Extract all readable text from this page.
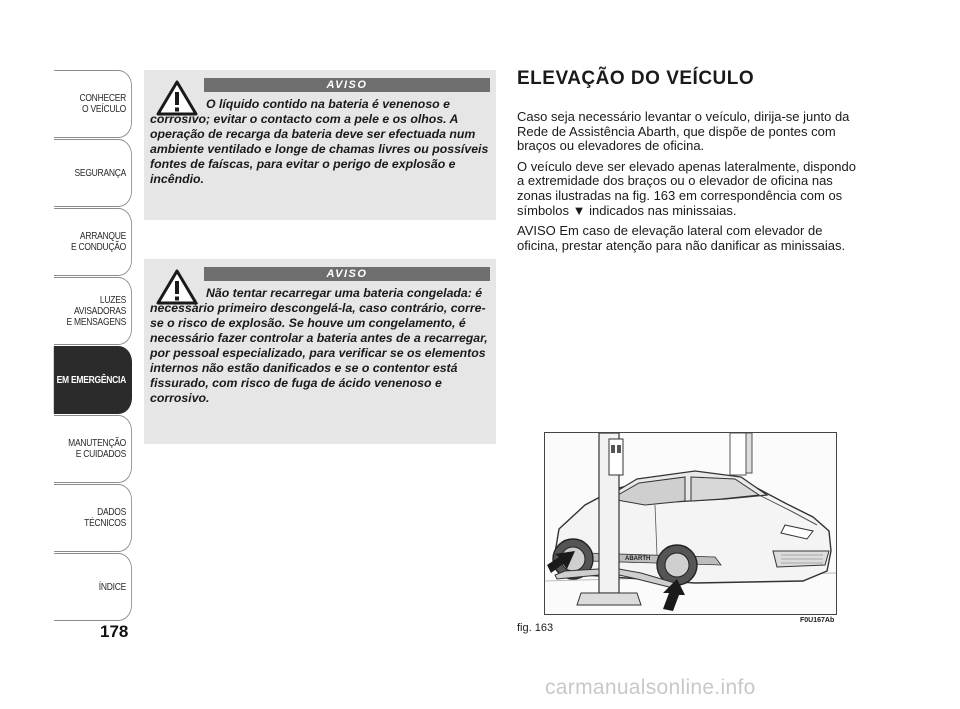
CONHECER
O VEÍCULO
SEGURANÇA
ARRANQUE
E CONDUÇÃO
LUZES
AVISADORAS
E MENSAGENS
EM EMERGÊNCIA
MANUTENÇÃO
E CUIDADOS
DADOS
TÉCNICOS
ÍNDICE
178
AVISO
O líquido contido na bateria é venenoso e corrosivo; evitar o contacto com a pele e os olhos. A operação de recarga da bateria deve ser efectuada num ambiente ventilado e longe de chamas livres ou possíveis fontes de faíscas, para evitar o perigo de explosão e incêndio.
AVISO
Não tentar recarregar uma bateria congelada: é necessário primeiro descongelá-la, caso contrário, corre-se o risco de explosão. Se houve um congelamento, é necessário fazer controlar a bateria antes de a recarregar, por pessoal especializado, para verificar se os elementos internos não estão danificados e se o contentor está fissurado, com risco de fuga de ácido venenoso e corrosivo.
ELEVAÇÃO DO VEÍCULO

Caso seja necessário levantar o veículo, dirija-se junto da Rede de Assistência Abarth, que dispõe de pontes com braços ou elevadores de oficina.

O veículo deve ser elevado apenas lateralmente, dispondo a extremidade dos braços ou o elevador de oficina nas zonas ilustradas na fig. 163 em correspondência com os símbolos ▼ indicados nas minissaias.

AVISO Em caso de elevação lateral com elevador de oficina, prestar atenção para não danificar as minissaias.

ABARTH
fig. 163
F0U167Ab
carmanualsonline.info
